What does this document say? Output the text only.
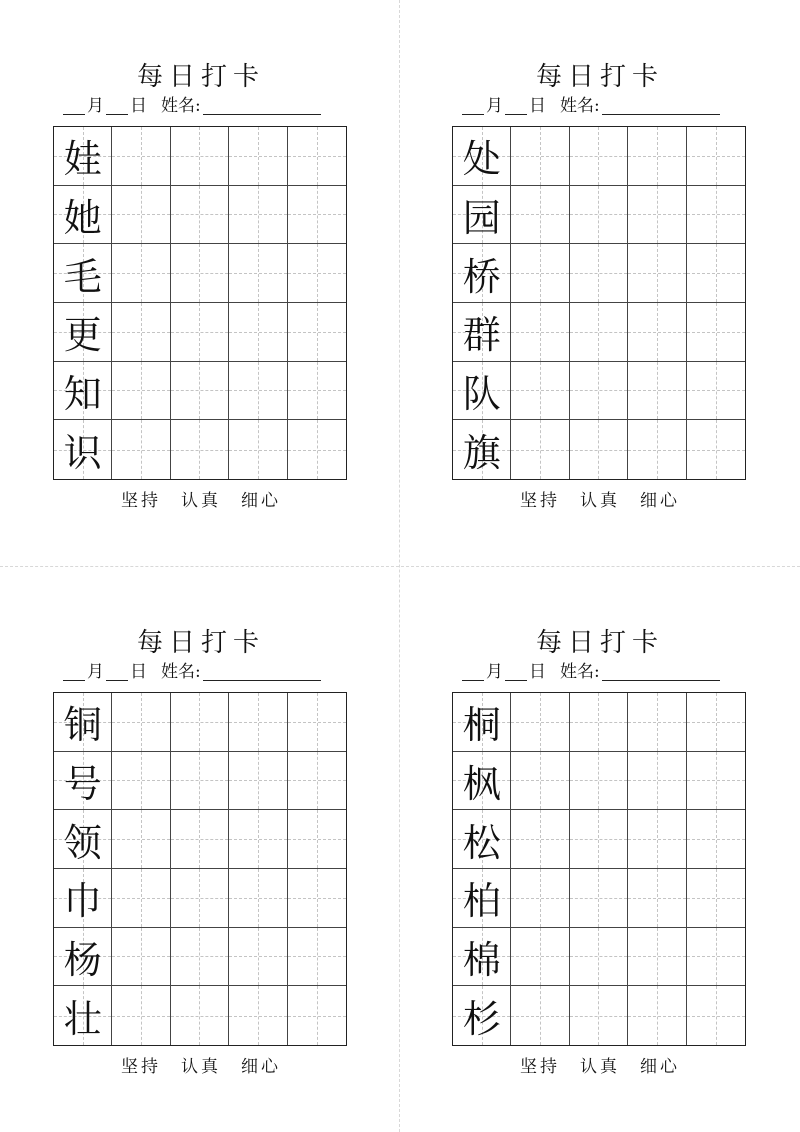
每日打卡
月 日 姓名:
娃
她
毛
更
知
识
坚持 认真 细心
每日打卡
月 日 姓名:
处
园
桥
群
队
旗
坚持 认真 细心
每日打卡
月 日 姓名:
铜
号
领
巾
杨
壮
坚持 认真 细心
每日打卡
月 日 姓名:
桐
枫
松
柏
棉
杉
坚持 认真 细心
